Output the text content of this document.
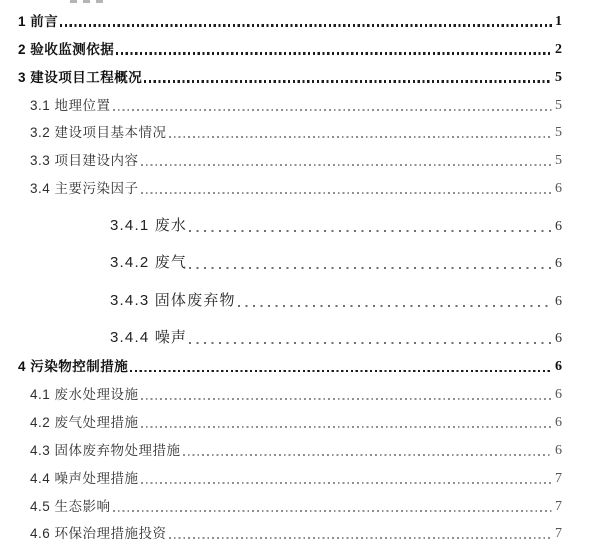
1 前言	1
2 验收监测依据	2
3 建设项目工程概况	5
3.1 地理位置	5
3.2 建设项目基本情况	5
3.3 项目建设内容	5
3.4 主要污染因子	6
3.4.1 废水	6
3.4.2 废气	6
3.4.3 固体废弃物	6
3.4.4 噪声	6
4 污染物控制措施	6
4.1 废水处理设施	6
4.2 废气处理措施	6
4.3 固体废弃物处理措施	6
4.4 噪声处理措施	7
4.5 生态影响	7
4.6 环保治理措施投资	7
